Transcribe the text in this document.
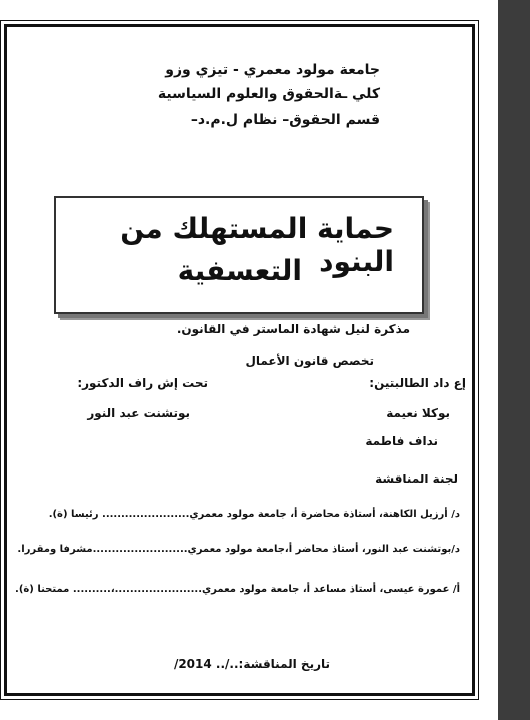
جامعة مولود معمري - تيزي وزو
كلي ـةالحقوق والعلوم السياسية
قسم الحقوق– نظام ل.م.د–
حماية المستهلك من البنود
التعسفية
مذكرة لنيل شهادة الماستر في القانون.
تخصص قانون الأعمال
إع داد الطالبتين:
تحت إش راف الدكتور:
بوكلا نعيمة
نداف فاطمة
بوتشنت عبد النور
لجنة المناقشة
د/ أرزيل الكاهنة، أستاذة محاضرة أ، جامعة مولود معمري....................... رئيسا (ة).
د/بوتشنت عبد النور، أستاذ محاضر أ،جامعة مولود معمري.........................مشرفا ومقررا.
أ/ عمورة عيسى، أستاذ مساعد أ، جامعة مولود معمري.......................،.......... ممتحنا (ة).
تاريخ المناقشة:../.. 2014/
